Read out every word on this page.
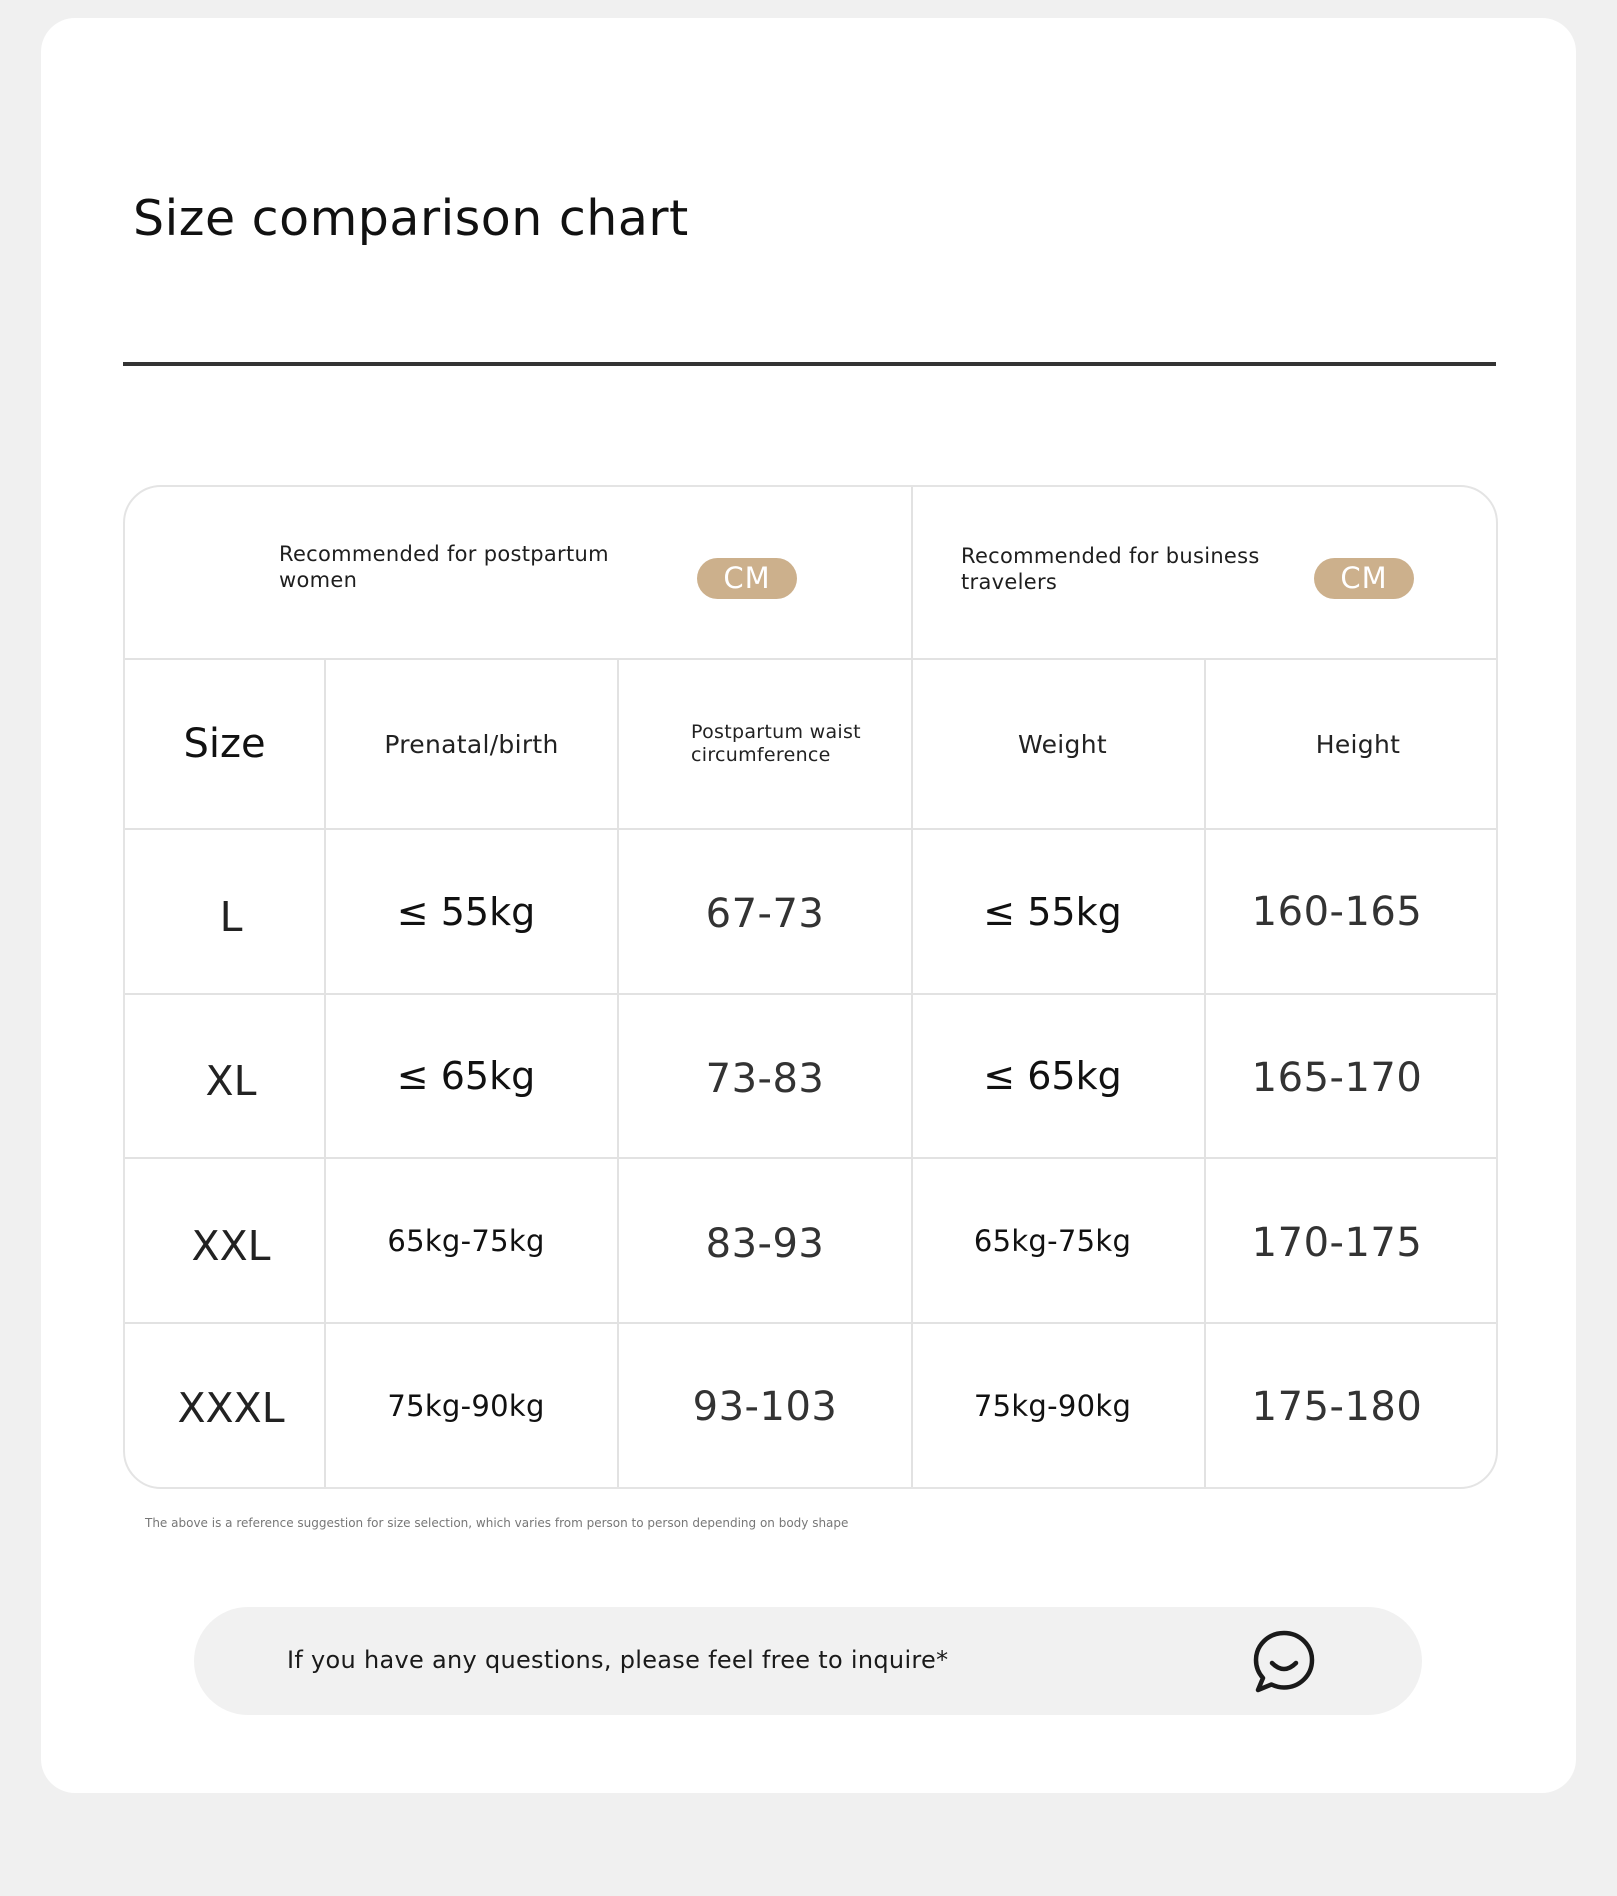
Size comparison chart
Recommended for postpartum women	CM
Recommended for business travelers	CM
Size	Prenatal/birth	Postpartum waist circumference	Weight	Height
L	≤ 55kg	67-73	≤ 55kg	160-165
XL	≤ 65kg	73-83	≤ 65kg	165-170
XXL	65kg-75kg	83-93	65kg-75kg	170-175
XXXL	75kg-90kg	93-103	75kg-90kg	175-180
The above is a reference suggestion for size selection, which varies from person to person depending on body shape
If you have any questions, please feel free to inquire*
